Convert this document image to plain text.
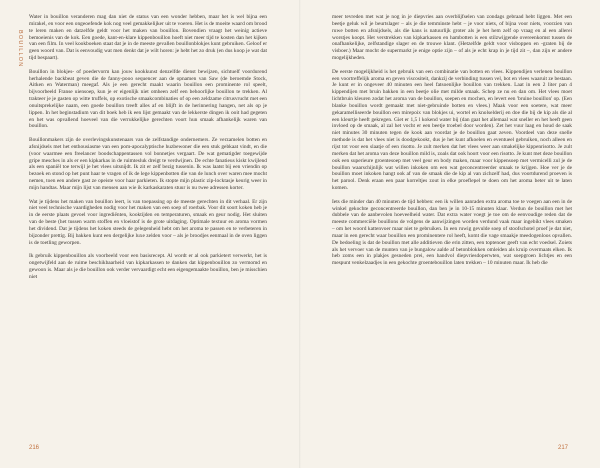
BOUILLON

Water in bouillon veranderen mag dan niet de status van een wonder hebben, maar het is wel bijna een mirakel, en voor een ongeoefende kok nog veel gemakkelijker uit te voeren. Het is de moeite waard om brood te leren maken en datzelfde geldt voor het maken van bouillon. Bovendien vraagt het weinig actieve bemoeienis van de kok. Een goede, kant-en-klare kippenbouillon hoeft niet meer tijd te kosten dan het kijken van een film. In veel kookboeken staat dat je in de meeste gevallen bouillonblokjes kunt gebruiken. Geloof er geen woord van. Dat is eenvoudig wat men denkt dat je wilt horen: je hebt het zo druk (en dus koop je wat dat tijd bespaart).

Bouillon in blokjes- of poedervorm kan jouw kookkunst denzelfde dienst bewijzen, sichtuelf voordurend herhalende backbeat geven die de fanny-pooo sequencer aan de opnamen van Saw (de beroemde Stock, Aitken en Waterman) meegaf. Als je een gerecht maakt waarin bouillon een prominente rol speelt, bijvoorbeeld Franse uiensoep, kun je er eigenlijk niet omheen zelf een behoorlijke bouillon te trekken. Al trakteer je je gasten op witte truffels, op exotische smaakcombinaties of op een zeldzame citrusvrucht met een onuitsprekelijke naam, een goede bouillon treeft alles af en blijft in de herinnering hangen, net als op je lippen. In het beginstadium van dit boek heb ik een lijst gemaakt van de lekkerste dingen ik ooit had gegeten en het was opvallend hoeveel van die verrukkelijke gerechten voort hun smaak afhankelijk waren van bouillon.

Bouillonmakers zijn de overlevingskunstenaars van de zelfstandige ondernemers. Ze verzamelen botten en afsnijdsels met het enthousiasme van een pom-apocalyptische huzbewoner die een stuk gebkaat vindt, en die (voor waarmee een freelancer boodschappentassen vol bonnetjes vergaart. De wat gematigder toegewijde gripe mesches in als er een kipkarkas in de ruimtesluk dreigt te verdwijnen. De echte fanatieus kiskt kwijlend als een spaniël toe terwijl je het vlees uitsnijdt. Ik zit er zelf bezig tussenin. Ik was laatst bij een vriendin op bezoek en stond op het punt haar te vragen of ik de lege kippenbotten die van de lunch over waren mee mocht nemen, toen een andere gast ze opeiste voor haar parkieten. Ik stopte mijn plastic zip-locktasje keurig weer in mijn handtas. Maar mijn lijst van mensen aan wie ik karkaskaraten stuur is nu twee adressen korter.

Wat je tijdens het maken van bouillon leert, is van toepassing op de meeste gerechten in dit verhaal. Er zijn niet veel technische vaardigheden nodig voor het maken van een soep of roerbak. Voor dit soort koken heb je in de eerste plaats gevoel voor ingrediënten, kooktijden en temperaturen, smaak en geur nodig. Het sluiten van de beste (het tussen warm stoffen en vloeistof is de grote uitdaging. Optimale textuur en aroma vormen het dividend. Dat je tijdens het koken steeds de gelegenheid hebt om het aroma te passen en te verbeteren in bijzonder prettig. Bij bakken kunt een dergelijke luxe zelden voor – als je broodjes eenmaal in de oven liggen is de toetling geworpen.

Ik gebruik kippenbouillon als voorbeeld voor een basisrecept. Al wordt er al ook parkietert verwerkt, het is ongetwijfeld aan de ruime beschikbaarheid van kipkarkassen te danken dat kippenbouillon zo vermomd en gewoon is. Maar als je die bouillon ook verder vervaardigt echt een eigengemaakte bouillon, ben je misschien niet

216

meer tevreden met wat je nog in je diepvries aan overblijfselen van zondags gebraad hebt liggen. Met een beetje geluk wil je beurtslager – als je die temminste hebt – je voor niets, of bijna voor niets, voorzien van ruwe botten en afsnijdsels, als die kans is natuurlijk groter als je het hem zelf op vraag en al een allerei worstjes koopt. Het verstrekken van kipkarkassen en hambotten is een stilzwijgende overeenkomst tussen de onafhankelijke, zelfstandige slager en de trouwe klant. (Hetzelfde geldt voor visboppen en -graten bij de visboer.) Maar mocht de supermarkt je enige optie zijn – of als je echt krap in je tijd zit –, dan zijn er andere mogelijkheden.

De eerste mogelijkheid is het gebruik van een combinatie van botten en vlees. Kippendijen verlenen bouillon een voortreffelijk aroma en geven viscositeit, dankzij de verbinding tussen vel, bot en vlees waaruit ze bestaan. Je kunt er in ongeveer 40 minuten een heel fatsoenlijke bouillon van trekken. Laat in een 2 liter pan 4 kippendijen met bruin bakken in een beetje olie met milde smaak. Schep ze nu en dan om. Het vlees moet lichtbruin kleuren zodat het aroma van de bouillon, soepen en mochen, en levert een 'bruine bouillon' op. (Een blanke bouillon wordt gemaakt met niet-gebruinde botten en vlees.) Maak voor een soetere, wat meer gekaramelliseerde bouillon een mirepoix van blokjes ui, wortel en knolselderij en doe die bij de kip als die al een kleurtje heeft gekregen. Giet er 1,5 l kokend water bij (dan gaat het allemaal wat sneller en het heeft geen invloed op de smaak, al zal het vocht er een beetje troebel door worden). Zet het vuur laag en houd de saak niet minutes 30 minuten tegen de kook aan voordat je de bouillon gaat zeven. Voordeel van deze snelle methode is dat het vlees niet is doodgekookt, dus je het kunt afkoelen en eventueel gebruiken, noch alleen en rijst tot voor een slaatje of een risotto. Je zult merken dat het vlees weer aan smakelijke kippenrisotto. Je zult merken dat het aroma van deze bouillon mild is, zoals dat ook hoort voor een risotto. Je kunt met deze bouillon ook een superieure groentesoep met veel geur en body maken, maar voor kippensoep met vermicelli zul je de bouillon waarschijnlijk wat willen inkoken om een wat geconcentreerder smaak te krijgen. Hoe ver je de bouillon moet inkoken hangt ook af van de smaak die de kip al van zichzelf had, dus voortdurend proeven is het parool. Denk eraan een paar korreltjes zout in elke proeflepel te doen om het aroma beter uit te laten komen.

Iets die minder dan 40 minuten de tijd hebben: een ik willen aanraden extra aroma toe te voegen aan een in de winkel gekochte geconcentreerde bouillon, dan ben je in 10-15 minuten klaar. Verdun de bouillon met het dubbele van de aanbevolen hoeveelheid water. Dat extra water voegt je toe om de eenvoudige reden dat de meeste commerciële bouillons de volgens de aanwijzingen worden verdund vaak maar ingebikt vlees smaken – om het woord kattenvoer maar niet te gebruiken. In een ruwig gevulde soep of stoofschotel proef je dat niet, maar in een gerecht waar bouillon een prominentere rol heeft, komt die vage smaakje meedogenloos opvallen. De bedoeling is dat de bouillon met alle additieven die erin zitten, een toptenoer geeft van echt voedsel. Zoiets als het vervoer van de munten van je bungalow aalde af betonblokken omleiden als kruip overmaats elken. Ik heb zoms een in plakjes gesneden prei, een handvol diepvriesdoperwten, wat soepgroen lichtjes en een mespunt venkelzaadjes in een gekochte groentebouillon laten trekken – 10 minuten maar. Ik heb die

217
